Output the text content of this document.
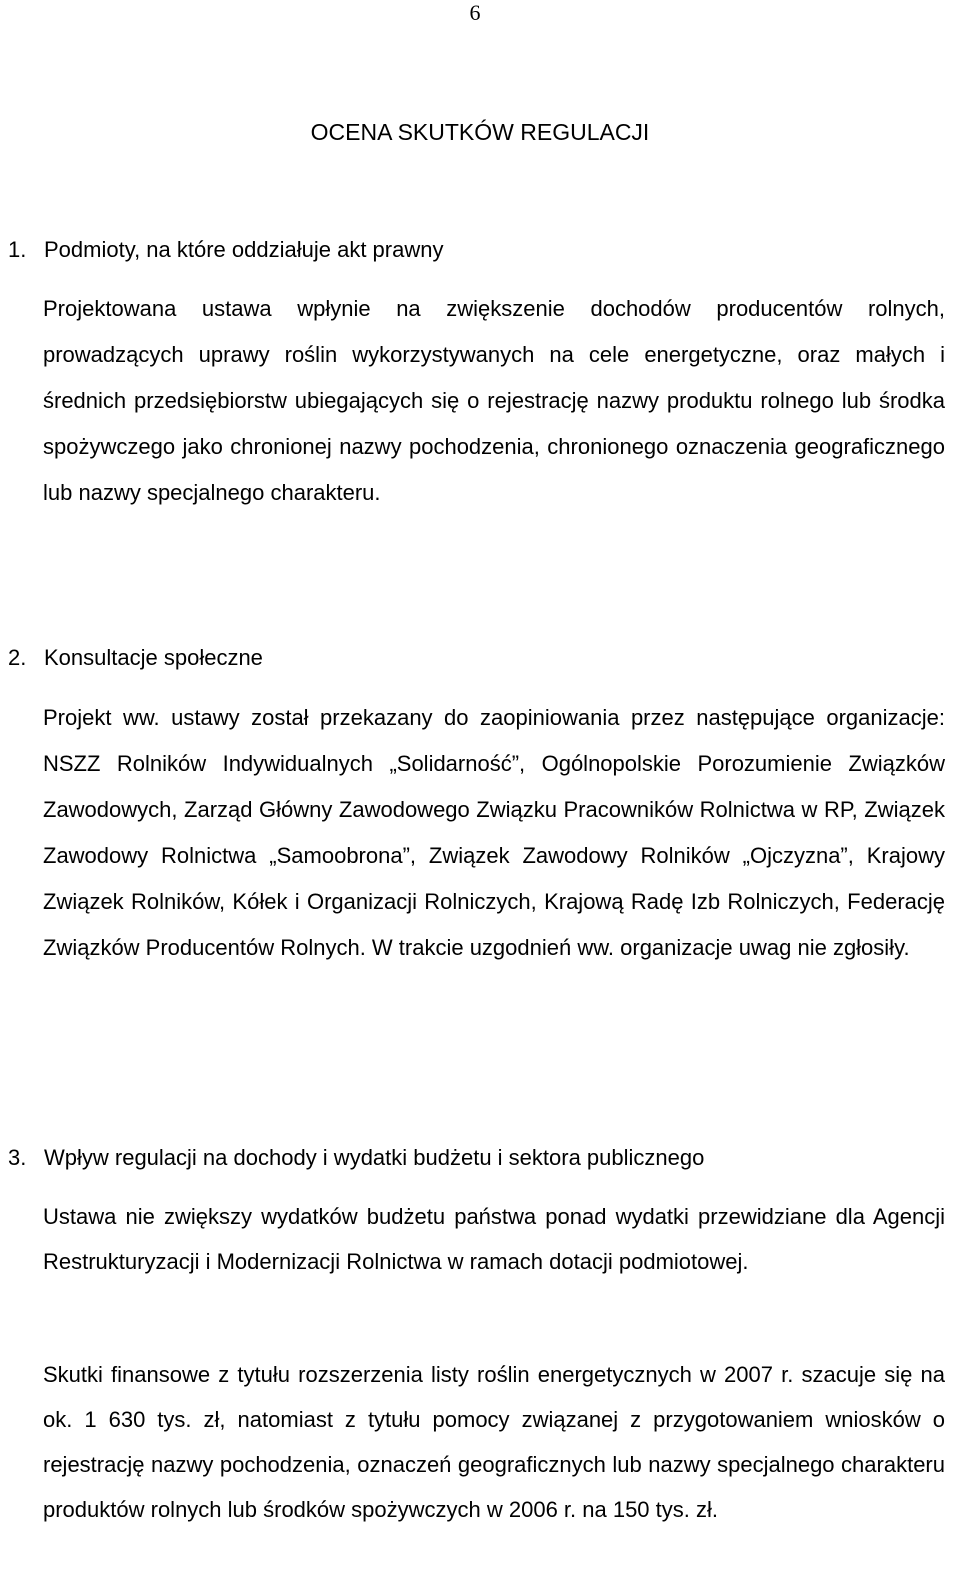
6
OCENA SKUTKÓW REGULACJI
1. Podmioty, na które oddziałuje akt prawny

Projektowana ustawa wpłynie na zwiększenie dochodów producentów rolnych, prowadzących uprawy roślin wykorzystywanych na cele energetyczne, oraz małych i średnich przedsiębiorstw ubiegających się o rejestrację nazwy produktu rolnego lub środka spożywczego jako chronionej nazwy pochodzenia, chronionego oznaczenia geograficznego lub nazwy specjalnego charakteru.

2. Konsultacje społeczne

Projekt ww. ustawy został przekazany do zaopiniowania przez następujące organizacje: NSZZ Rolników Indywidualnych „Solidarność”, Ogólnopolskie Porozumienie Związków Zawodowych, Zarząd Główny Zawodowego Związku Pracowników Rolnictwa w RP, Związek Zawodowy Rolnictwa „Samoobrona”, Związek Zawodowy Rolników „Ojczyzna”, Krajowy Związek Rolników, Kółek i Organizacji Rolniczych, Krajową Radę Izb Rolniczych, Federację Związków Producentów Rolnych. W trakcie uzgodnień ww. organizacje uwag nie zgłosiły.

3. Wpływ regulacji na dochody i wydatki budżetu i sektora publicznego

Ustawa nie zwiększy wydatków budżetu państwa ponad wydatki przewidziane dla Agencji Restrukturyzacji i Modernizacji Rolnictwa w ramach dotacji podmiotowej.

Skutki finansowe z tytułu rozszerzenia listy roślin energetycznych w 2007 r. szacuje się na ok. 1 630 tys. zł, natomiast z tytułu pomocy związanej z przygotowaniem wniosków o rejestrację nazwy pochodzenia, oznaczeń geograficznych lub nazwy specjalnego charakteru produktów rolnych lub środków spożywczych w 2006 r. na 150 tys. zł.
